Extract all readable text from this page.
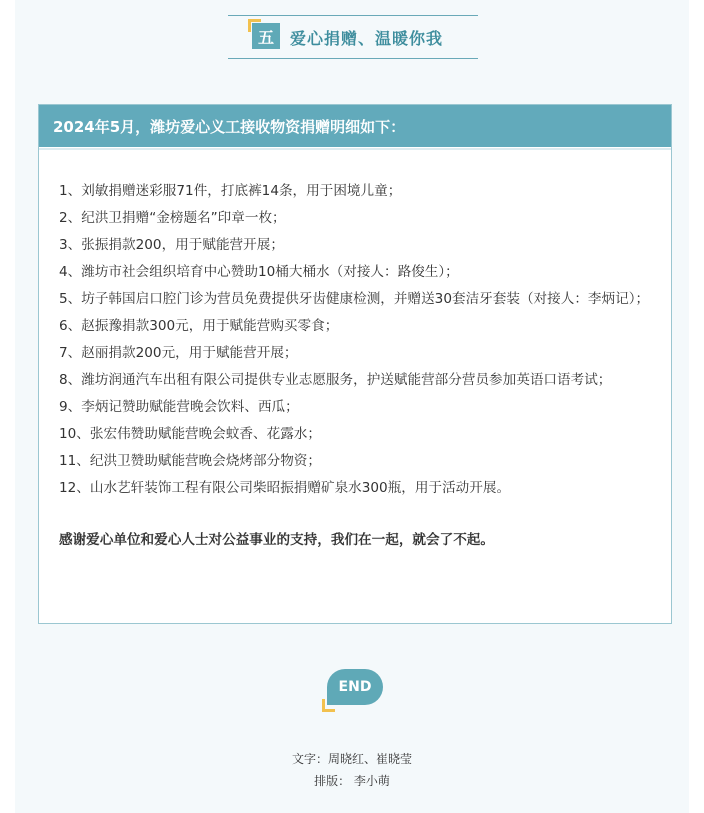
五	爱心捐赠、温暖你我
2024年5月，潍坊爱心义工接收物资捐赠明细如下：
1、刘敏捐赠迷彩服71件，打底裤14条，用于困境儿童；
2、纪洪卫捐赠“金榜题名”印章一枚；
3、张振捐款200，用于赋能营开展；
4、潍坊市社会组织培育中心赞助10桶大桶水（对接人：路俊生）；
5、坊子韩国启口腔门诊为营员免费提供牙齿健康检测，并赠送30套洁牙套装（对接人：李炳记）；
6、赵振豫捐款300元，用于赋能营购买零食；
7、赵丽捐款200元，用于赋能营开展；
8、潍坊润通汽车出租有限公司提供专业志愿服务，护送赋能营部分营员参加英语口语考试；
9、李炳记赞助赋能营晚会饮料、西瓜；
10、张宏伟赞助赋能营晚会蚊香、花露水；
11、纪洪卫赞助赋能营晚会烧烤部分物资；
12、山水艺轩装饰工程有限公司柴昭振捐赠矿泉水300瓶，用于活动开展。
感谢爱心单位和爱心人士对公益事业的支持，我们在一起，就会了不起。
END
文字：周晓红、崔晓莹
排版： 李小萌
